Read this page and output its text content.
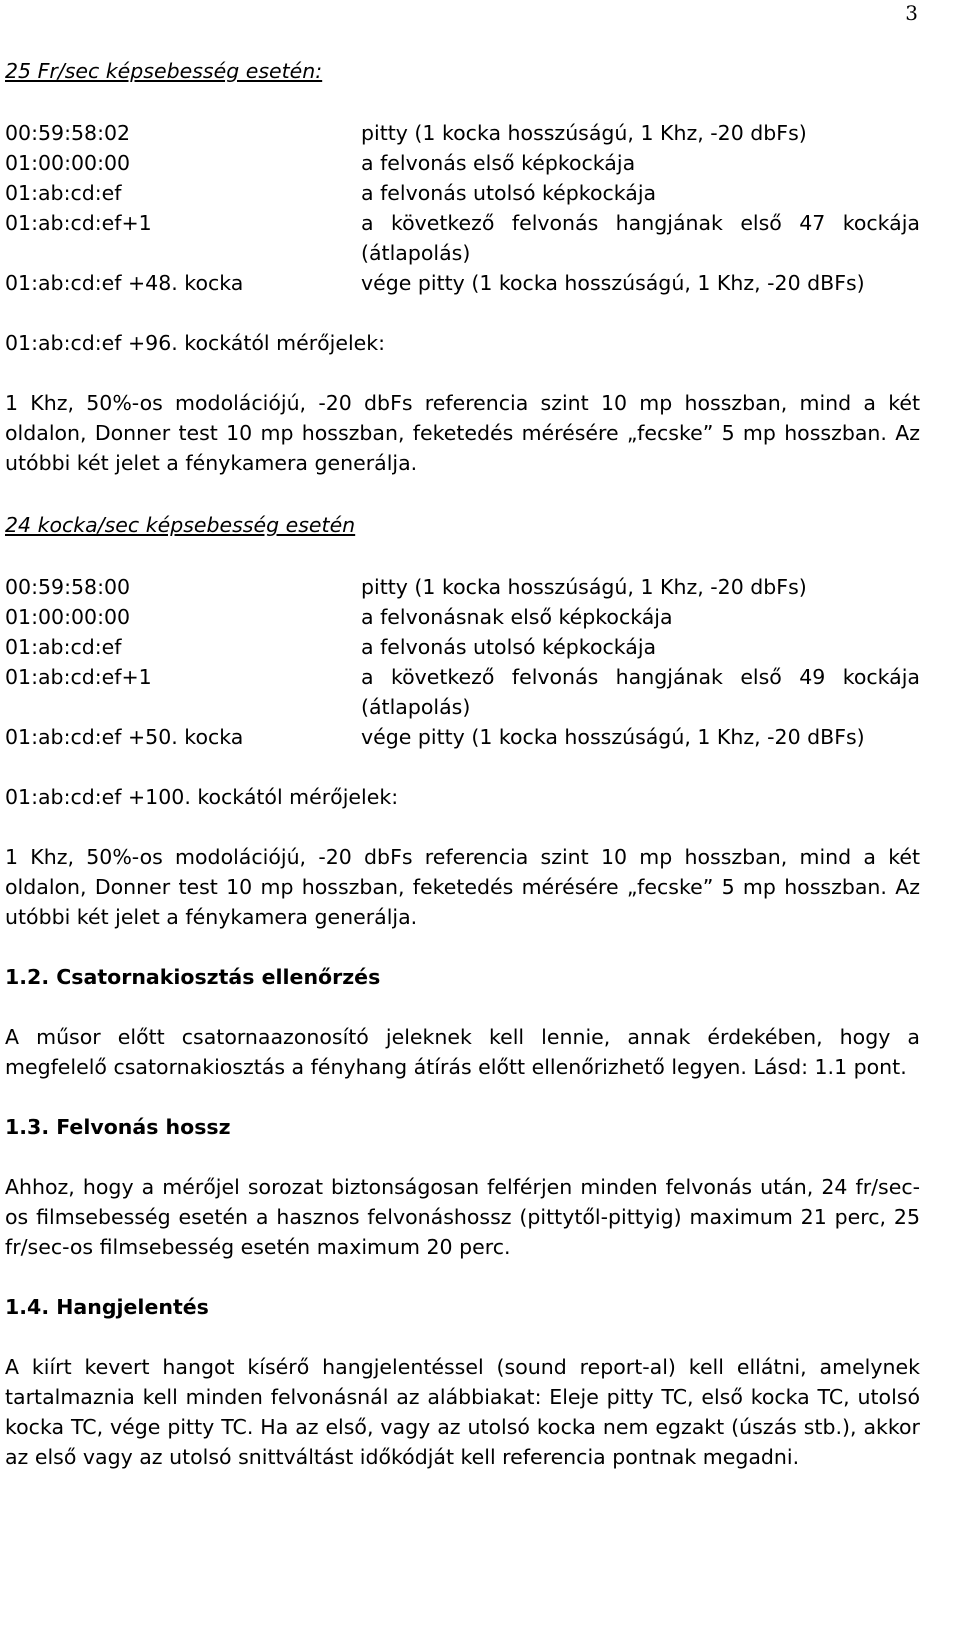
3
25 Fr/sec képsebesség esetén:
00:59:58:02	pitty (1 kocka hosszúságú, 1 Khz, -20 dbFs)
01:00:00:00	a felvonás első képkockája
01:ab:cd:ef	a felvonás utolsó képkockája
01:ab:cd:ef+1	a következő felvonás hangjának első 47 kockája (átlapolás)
01:ab:cd:ef +48. kocka	vége pitty (1 kocka hosszúságú, 1 Khz, -20 dBFs)
01:ab:cd:ef +96. kockától mérőjelek:

1 Khz, 50%-os modolációjú, -20 dbFs referencia szint 10 mp hosszban, mind a két oldalon, Donner test 10 mp hosszban, feketedés mérésére „fecske” 5 mp hosszban. Az utóbbi két jelet a fénykamera generálja.

24 kocka/sec képsebesség esetén
00:59:58:00	pitty (1 kocka hosszúságú, 1 Khz, -20 dbFs)
01:00:00:00	a felvonásnak első képkockája
01:ab:cd:ef	a felvonás utolsó képkockája
01:ab:cd:ef+1	a következő felvonás hangjának első 49 kockája (átlapolás)
01:ab:cd:ef +50. kocka	vége pitty (1 kocka hosszúságú, 1 Khz, -20 dBFs)
01:ab:cd:ef +100. kockától mérőjelek:

1 Khz, 50%-os modolációjú, -20 dbFs referencia szint 10 mp hosszban, mind a két oldalon, Donner test 10 mp hosszban, feketedés mérésére „fecske” 5 mp hosszban. Az utóbbi két jelet a fénykamera generálja.

1.2. Csatornakiosztás ellenőrzés

A műsor előtt csatornaazonosító jeleknek kell lennie, annak érdekében, hogy a megfelelő csatornakiosztás a fényhang átírás előtt ellenőrizhető legyen. Lásd: 1.1 pont.

1.3. Felvonás hossz

Ahhoz, hogy a mérőjel sorozat biztonságosan felférjen minden felvonás után, 24 fr/sec-os filmsebesség esetén a hasznos felvonáshossz (pittytől-pittyig) maximum 21 perc, 25 fr/sec-os filmsebesség esetén maximum 20 perc.

1.4. Hangjelentés

A kiírt kevert hangot kísérő hangjelentéssel (sound report-al) kell ellátni, amelynek tartalmaznia kell minden felvonásnál az alábbiakat: Eleje pitty TC, első kocka TC, utolsó kocka TC, vége pitty TC. Ha az első, vagy az utolsó kocka nem egzakt (úszás stb.), akkor az első vagy az utolsó snittváltást időkódját kell referencia pontnak megadni.
